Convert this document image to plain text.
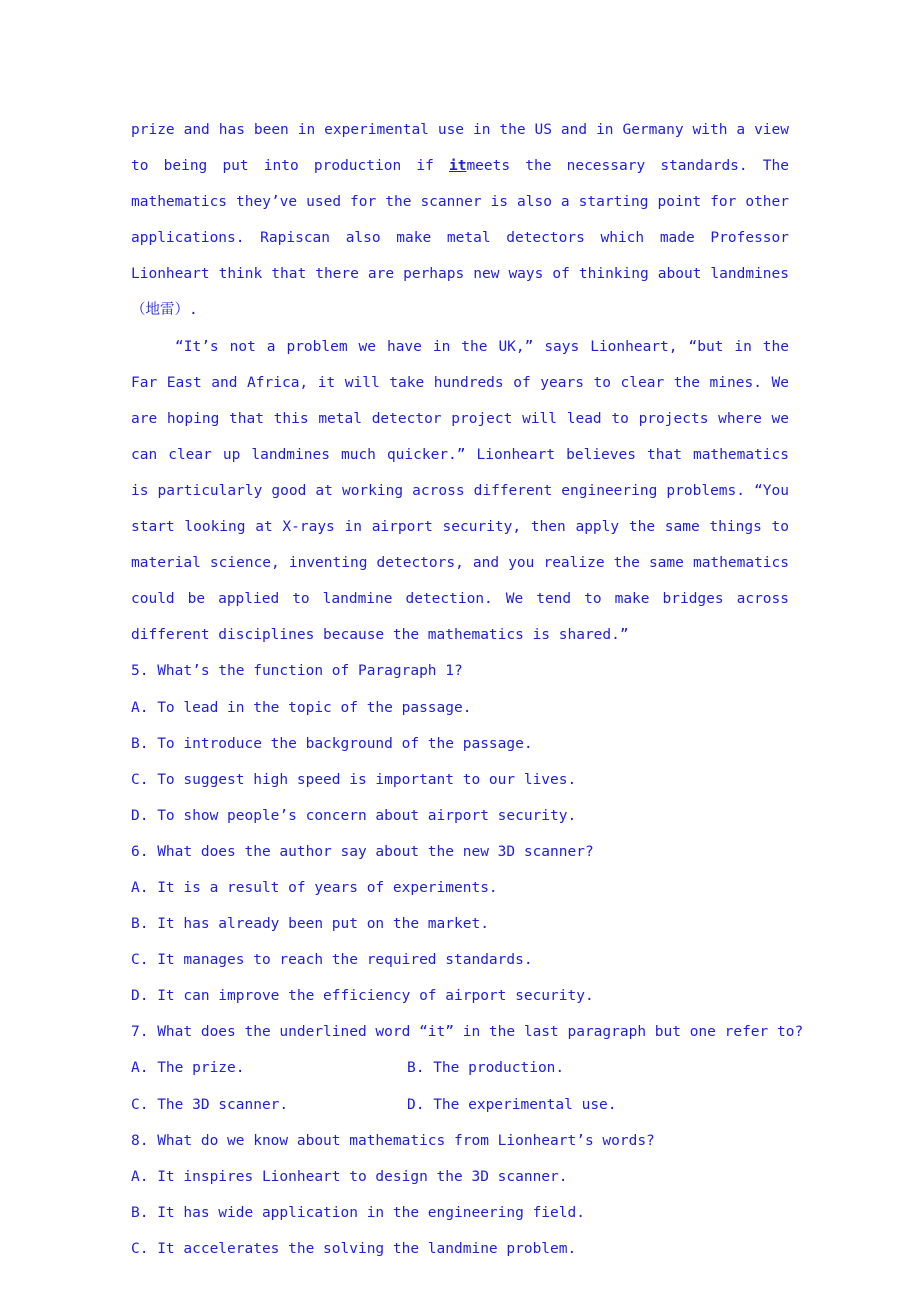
prize and has been in experimental use in the US and in Germany with a view to being put into production if itmeets the necessary standards. The mathematics they’ve used for the scanner is also a starting point for other applications. Rapiscan also make metal detectors which made Professor Lionheart think that there are perhaps new ways of thinking about landmines（地雷）.

“It’s not a problem we have in the UK,” says Lionheart, “but in the Far East and Africa, it will take hundreds of years to clear the mines. We are hoping that this metal detector project will lead to projects where we can clear up landmines much quicker.” Lionheart believes that mathematics is particularly good at working across different engineering problems. “You start looking at X-rays in airport security, then apply the same things to material science, inventing detectors, and you realize the same mathematics could be applied to landmine detection. We tend to make bridges across different disciplines because the mathematics is shared.”

5. What’s the function of Paragraph 1?
A. To lead in the topic of the passage.
B. To introduce the background of the passage.
C. To suggest high speed is important to our lives.
D. To show people’s concern about airport security.
6. What does the author say about the new 3D scanner?
A. It is a result of years of experiments.
B. It has already been put on the market.
C. It manages to reach the required standards.
D. It can improve the efficiency of airport security.
7. What does the underlined word “it” in the last paragraph but one refer to?
A. The prize.	B. The production.
C. The 3D scanner.	D. The experimental use.
8. What do we know about mathematics from Lionheart’s words?
A. It inspires Lionheart to design the 3D scanner.
B. It has wide application in the engineering field.
C. It accelerates the solving the landmine problem.
